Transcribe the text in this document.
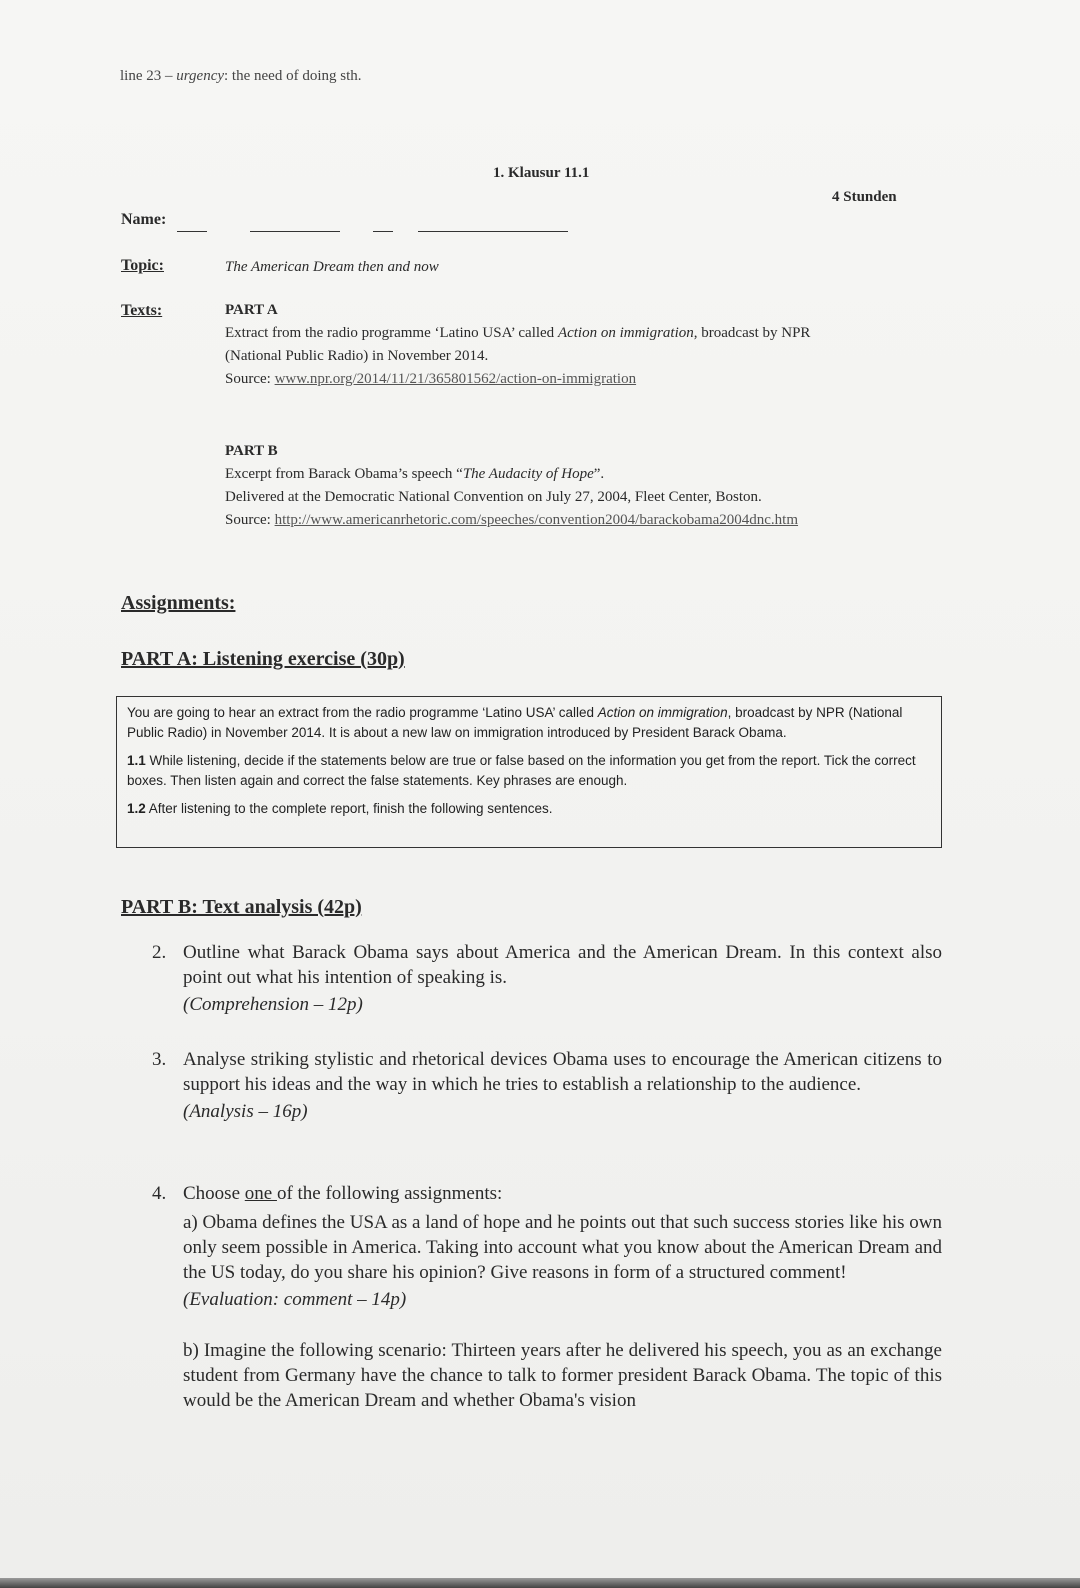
line 23 – urgency: the need of doing sth.
1. Klausur 11.1
4 Stunden
Name:
Topic:	The American Dream then and now
Texts:	PART A
Extract from the radio programme ‘Latino USA’ called Action on immigration, broadcast by NPR
(National Public Radio) in November 2014.
Source: www.npr.org/2014/11/21/365801562/action-on-immigration
PART B
Excerpt from Barack Obama’s speech “The Audacity of Hope”.
Delivered at the Democratic National Convention on July 27, 2004, Fleet Center, Boston.
Source: http://www.americanrhetoric.com/speeches/convention2004/barackobama2004dnc.htm
Assignments:
PART A: Listening exercise (30p)

You are going to hear an extract from the radio programme ‘Latino USA’ called Action on immigration, broadcast by NPR (National Public Radio) in November 2014. It is about a new law on immigration introduced by President Barack Obama.

1.1 While listening, decide if the statements below are true or false based on the information you get from the report. Tick the correct boxes. Then listen again and correct the false statements. Key phrases are enough.

1.2 After listening to the complete report, finish the following sentences.

PART B: Text analysis (42p)
2. Outline what Barack Obama says about America and the American Dream. In this context also point out what his intention of speaking is.

(Comprehension – 12p)

3. Analyse striking stylistic and rhetorical devices Obama uses to encourage the American citizens to support his ideas and the way in which he tries to establish a relationship to the audience.

(Analysis – 16p)

4. Choose one of the following assignments:

a) Obama defines the USA as a land of hope and he points out that such success stories like his own only seem possible in America. Taking into account what you know about the American Dream and the US today, do you share his opinion? Give reasons in form of a structured comment!

(Evaluation: comment – 14p)

b) Imagine the following scenario: Thirteen years after he delivered his speech, you as an exchange student from Germany have the chance to talk to former president Barack Obama. The topic of this would be the American Dream and whether Obama's vision
